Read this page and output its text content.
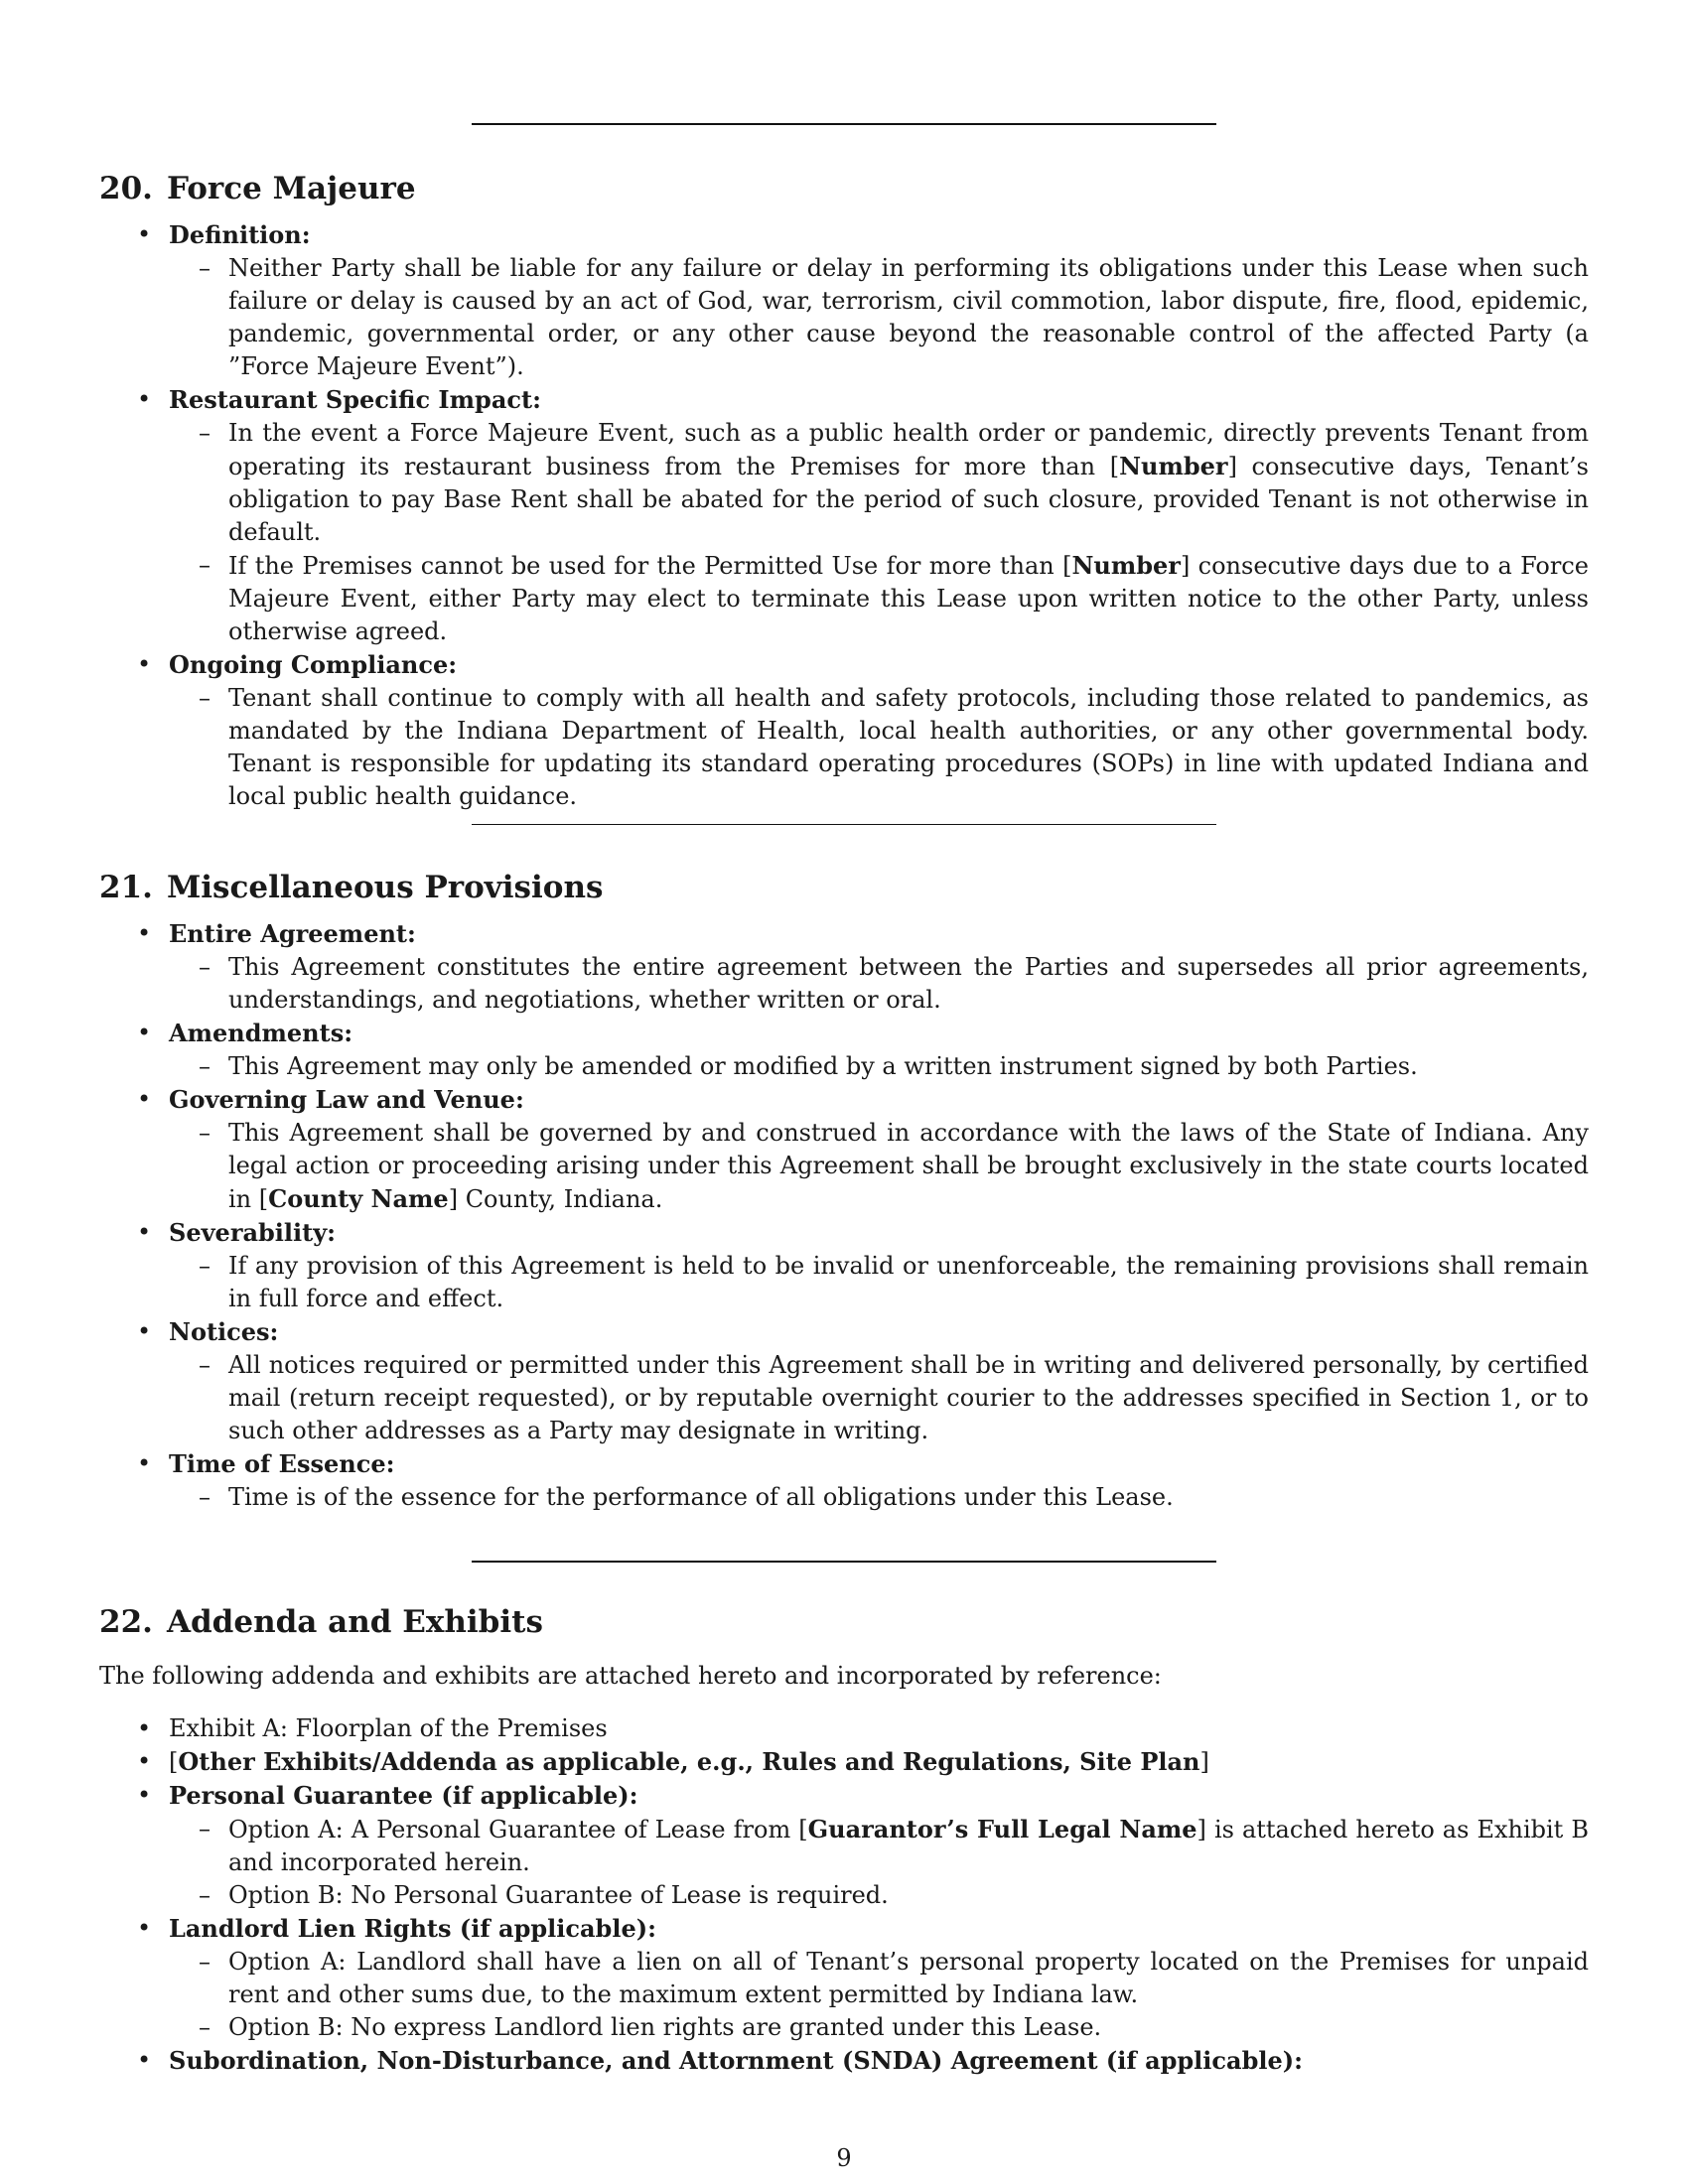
20. Force Majeure
• Definition:
– Neither Party shall be liable for any failure or delay in performing its obligations under this Lease when such failure or delay is caused by an act of God, war, terrorism, civil commotion, labor dispute, fire, flood, epidemic, pandemic, governmental order, or any other cause beyond the reasonable control of the affected Party (a ”Force Majeure Event”).
• Restaurant Specific Impact:
– In the event a Force Majeure Event, such as a public health order or pandemic, directly prevents Tenant from operating its restaurant business from the Premises for more than [Number] consecutive days, Tenant’s obligation to pay Base Rent shall be abated for the period of such closure, provided Tenant is not otherwise in default.
– If the Premises cannot be used for the Permitted Use for more than [Number] consecutive days due to a Force Majeure Event, either Party may elect to terminate this Lease upon written notice to the other Party, unless otherwise agreed.
• Ongoing Compliance:
– Tenant shall continue to comply with all health and safety protocols, including those related to pandemics, as mandated by the Indiana Department of Health, local health authorities, or any other governmental body. Tenant is responsible for updating its standard operating procedures (SOPs) in line with updated Indiana and local public health guidance.
21. Miscellaneous Provisions
• Entire Agreement:
– This Agreement constitutes the entire agreement between the Parties and supersedes all prior agreements, understandings, and negotiations, whether written or oral.
• Amendments:
– This Agreement may only be amended or modified by a written instrument signed by both Parties.
• Governing Law and Venue:
– This Agreement shall be governed by and construed in accordance with the laws of the State of Indiana. Any legal action or proceeding arising under this Agreement shall be brought exclusively in the state courts located in [County Name] County, Indiana.
• Severability:
– If any provision of this Agreement is held to be invalid or unenforceable, the remaining provisions shall remain in full force and effect.
• Notices:
– All notices required or permitted under this Agreement shall be in writing and delivered personally, by certified mail (return receipt requested), or by reputable overnight courier to the addresses specified in Section 1, or to such other addresses as a Party may designate in writing.
• Time of Essence:
– Time is of the essence for the performance of all obligations under this Lease.
22. Addenda and Exhibits

The following addenda and exhibits are attached hereto and incorporated by reference:

• Exhibit A: Floorplan of the Premises
• [Other Exhibits/Addenda as applicable, e.g., Rules and Regulations, Site Plan]
• Personal Guarantee (if applicable):
– Option A: A Personal Guarantee of Lease from [Guarantor’s Full Legal Name] is attached hereto as Exhibit B and incorporated herein.
– Option B: No Personal Guarantee of Lease is required.
• Landlord Lien Rights (if applicable):
– Option A: Landlord shall have a lien on all of Tenant’s personal property located on the Premises for unpaid rent and other sums due, to the maximum extent permitted by Indiana law.
– Option B: No express Landlord lien rights are granted under this Lease.
• Subordination, Non-Disturbance, and Attornment (SNDA) Agreement (if applicable):
9
